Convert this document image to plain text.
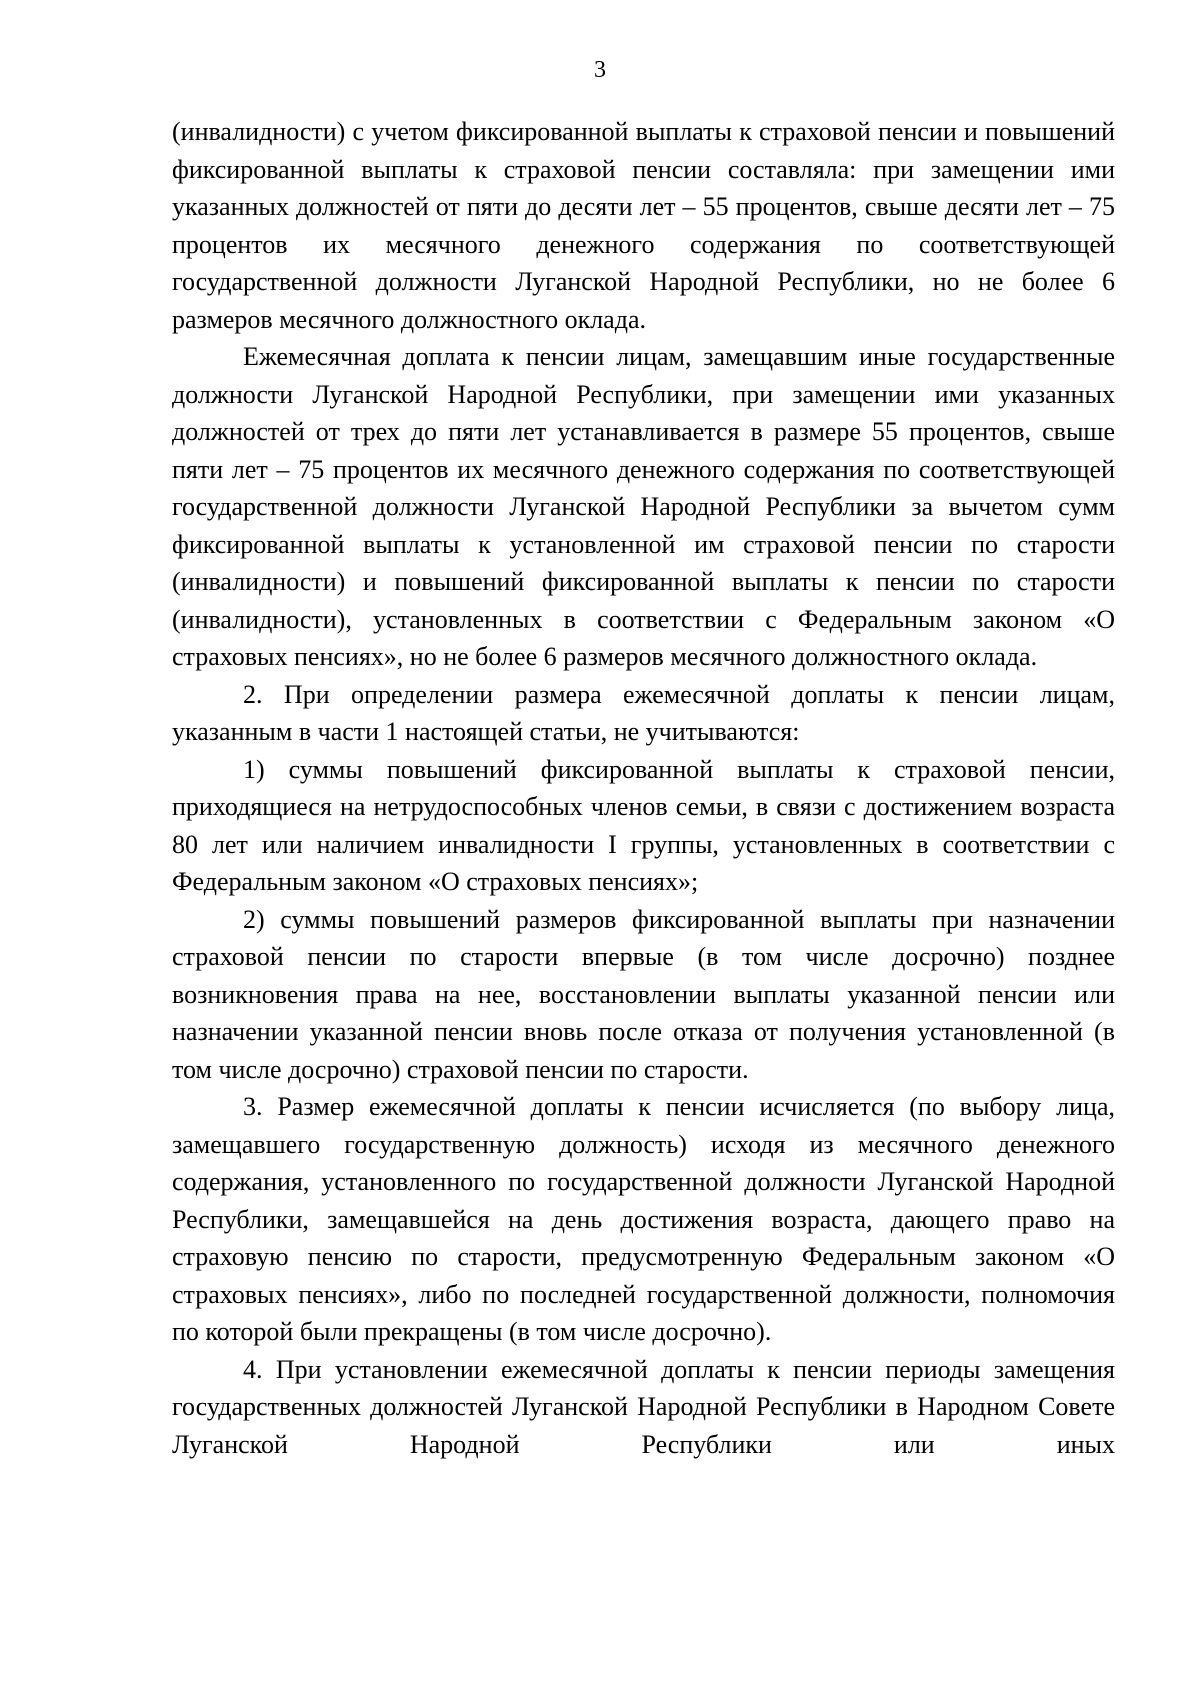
3

(инвалидности) с учетом фиксированной выплаты к страховой пенсии и повышений фиксированной выплаты к страховой пенсии составляла: при замещении ими указанных должностей от пяти до десяти лет – 55 процентов, свыше десяти лет – 75 процентов их месячного денежного содержания по соответствующей государственной должности Луганской Народной Республики, но не более 6 размеров месячного должностного оклада.

Ежемесячная доплата к пенсии лицам, замещавшим иные государственные должности Луганской Народной Республики, при замещении ими указанных должностей от трех до пяти лет устанавливается в размере 55 процентов, свыше пяти лет – 75 процентов их месячного денежного содержания по соответствующей государственной должности Луганской Народной Республики за вычетом сумм фиксированной выплаты к установленной им страховой пенсии по старости (инвалидности) и повышений фиксированной выплаты к пенсии по старости (инвалидности), установленных в соответствии с Федеральным законом «О страховых пенсиях», но не более 6 размеров месячного должностного оклада.

2. При определении размера ежемесячной доплаты к пенсии лицам, указанным в части 1 настоящей статьи, не учитываются:

1) суммы повышений фиксированной выплаты к страховой пенсии, приходящиеся на нетрудоспособных членов семьи, в связи с достижением возраста 80 лет или наличием инвалидности I группы, установленных в соответствии с Федеральным законом «О страховых пенсиях»;

2) суммы повышений размеров фиксированной выплаты при назначении страховой пенсии по старости впервые (в том числе досрочно) позднее возникновения права на нее, восстановлении выплаты указанной пенсии или назначении указанной пенсии вновь после отказа от получения установленной (в том числе досрочно) страховой пенсии по старости.

3. Размер ежемесячной доплаты к пенсии исчисляется (по выбору лица, замещавшего государственную должность) исходя из месячного денежного содержания, установленного по государственной должности Луганской Народной Республики, замещавшейся на день достижения возраста, дающего право на страховую пенсию по старости, предусмотренную Федеральным законом «О страховых пенсиях», либо по последней государственной должности, полномочия по которой были прекращены (в том числе досрочно).

4. При установлении ежемесячной доплаты к пенсии периоды замещения государственных должностей Луганской Народной Республики в Народном Совете Луганской Народной Республики или иных
